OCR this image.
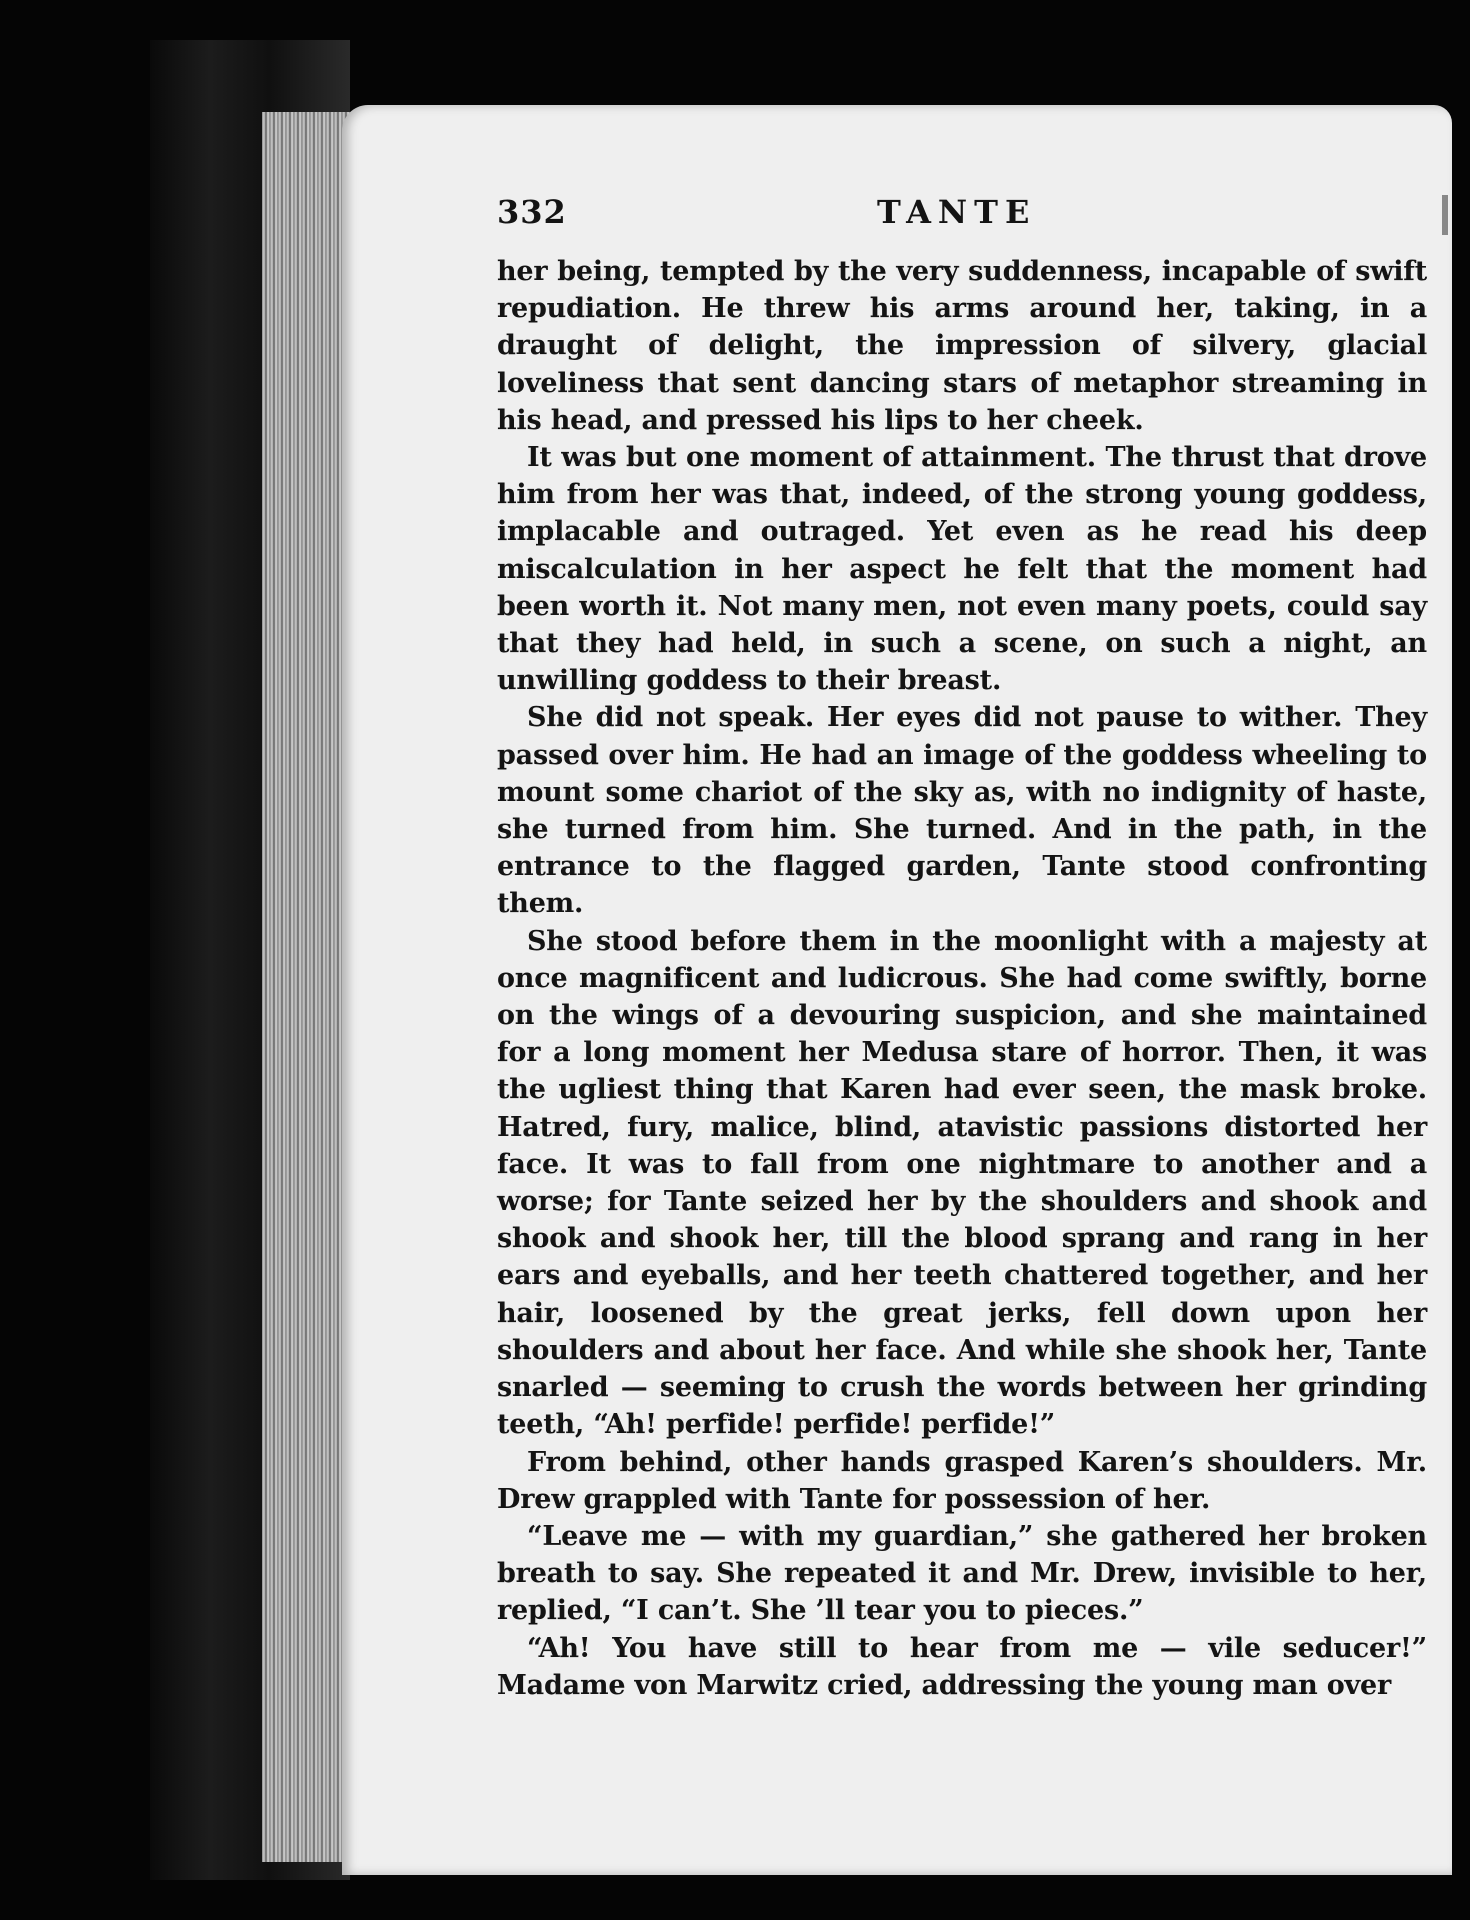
332	TANTE

her being, tempted by the very suddenness, incapable of swift repudiation. He threw his arms around her, taking, in a draught of delight, the impression of silvery, glacial loveliness that sent dancing stars of metaphor streaming in his head, and pressed his lips to her cheek.

It was but one moment of attainment. The thrust that drove him from her was that, indeed, of the strong young goddess, implacable and outraged. Yet even as he read his deep miscalculation in her aspect he felt that the moment had been worth it. Not many men, not even many poets, could say that they had held, in such a scene, on such a night, an unwilling goddess to their breast.

She did not speak. Her eyes did not pause to wither. They passed over him. He had an image of the goddess wheeling to mount some chariot of the sky as, with no indignity of haste, she turned from him. She turned. And in the path, in the entrance to the flagged garden, Tante stood confronting them.

She stood before them in the moonlight with a majesty at once magnificent and ludicrous. She had come swiftly, borne on the wings of a devouring suspicion, and she maintained for a long moment her Medusa stare of horror. Then, it was the ugliest thing that Karen had ever seen, the mask broke. Hatred, fury, malice, blind, atavistic passions distorted her face. It was to fall from one nightmare to another and a worse; for Tante seized her by the shoulders and shook and shook and shook her, till the blood sprang and rang in her ears and eyeballs, and her teeth chattered together, and her hair, loosened by the great jerks, fell down upon her shoulders and about her face. And while she shook her, Tante snarled — seeming to crush the words between her grinding teeth, “Ah! perfide! perfide! perfide!”

From behind, other hands grasped Karen’s shoulders. Mr. Drew grappled with Tante for possession of her.

“Leave me — with my guardian,” she gathered her broken breath to say. She repeated it and Mr. Drew, invisible to her, replied, “I can’t. She ’ll tear you to pieces.”

“Ah! You have still to hear from me — vile seducer!” Madame von Marwitz cried, addressing the young man over
